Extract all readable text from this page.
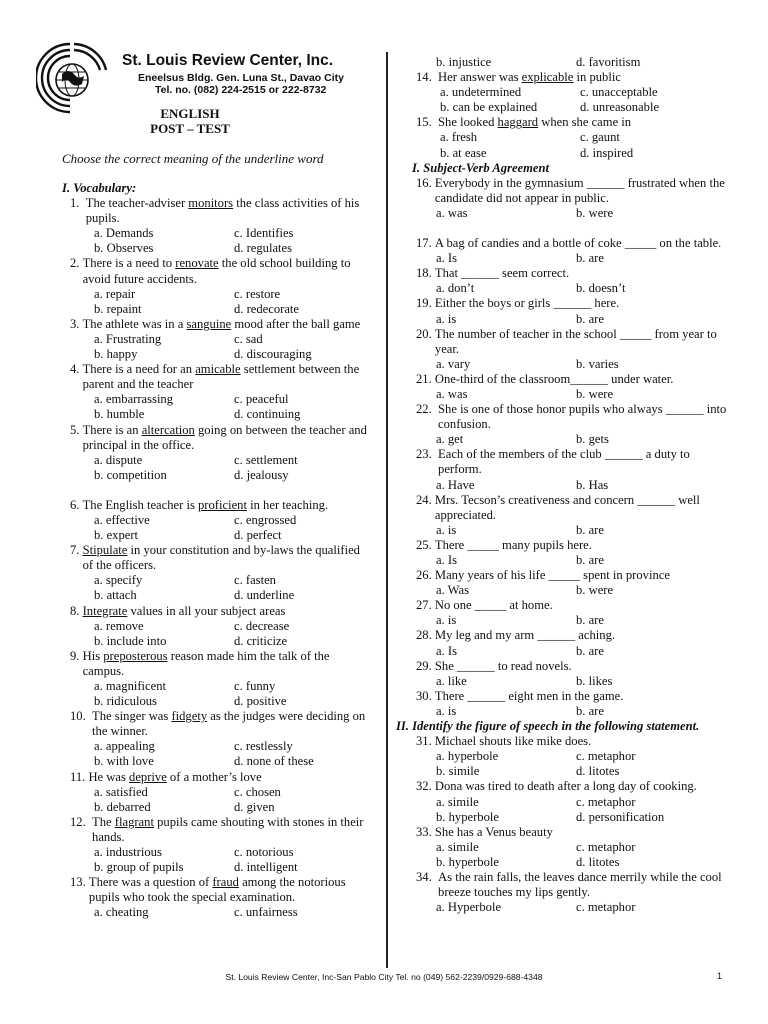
St. Louis Review Center, Inc.
Eneelsus Bldg. Gen. Luna St., Davao City
Tel. no. (082) 224-2515 or 222-8732
ENGLISH
POST – TEST
Choose the correct meaning of the underline word
I. Vocabulary:
1. The teacher-adviser monitors the class activities of his pupils.
a. Demands	c. Identifies
b. Observes	d. regulates
2. There is a need to renovate the old school building to avoid future accidents.
a. repair	c. restore
b. repaint	d. redecorate
3. The athlete was in a sanguine mood after the ball game
a. Frustrating	c. sad
b. happy	d. discouraging
4. There is a need for an amicable settlement between the parent and the teacher
a. embarrassing	c. peaceful
b. humble	d. continuing
5. There is an altercation going on between the teacher and principal in the office.
a. dispute	c. settlement
b. competition	d. jealousy
6. The English teacher is proficient in her teaching.
a. effective	c. engrossed
b. expert	d. perfect
7. Stipulate in your constitution and by-laws the qualified of the officers.
a. specify	c. fasten
b. attach	d. underline
8. Integrate values in all your subject areas
a. remove	c. decrease
b. include into	d. criticize
9. His preposterous reason made him the talk of the campus.
a. magnificent	c. funny
b. ridiculous	d. positive
10. The singer was fidgety as the judges were deciding on the winner.
a. appealing	c. restlessly
b. with love	d. none of these
11. He was deprive of a mother’s love
a. satisfied	c. chosen
b. debarred	d. given
12. The flagrant pupils came shouting with stones in their hands.
a. industrious	c. notorious
b. group of pupils	d. intelligent
13. There was a question of fraud among the notorious pupils who took the special examination.
a. cheating	c. unfairness
b. injustice	d. favoritism
14. Her answer was explicable in public
a. undetermined	c. unacceptable
b. can be explained	d. unreasonable
15. She looked haggard when she came in
a. fresh	c. gaunt
b. at ease	d. inspired
I. Subject-Verb Agreement
16. Everybody in the gymnasium ______ frustrated when the candidate did not appear in public.
a. was	b. were
17. A bag of candies and a bottle of coke _____ on the table.
a. Is	b. are
18. That ______ seem correct.
a. don’t	b. doesn’t
19. Either the boys or girls ______ here.
a. is	b. are
20. The number of teacher in the school _____ from year to year.
a. vary	b. varies
21. One-third of the classroom______ under water.
a. was	b. were
22. She is one of those honor pupils who always ______ into confusion.
a. get	b. gets
23. Each of the members of the club ______ a duty to perform.
a. Have	b. Has
24. Mrs. Tecson’s creativeness and concern ______ well appreciated.
a. is	b. are
25. There _____ many pupils here.
a. Is	b. are
26. Many years of his life _____ spent in province
a. Was	b. were
27. No one _____ at home.
a. is	b. are
28. My leg and my arm ______ aching.
a. Is	b. are
29. She ______ to read novels.
a. like	b. likes
30. There ______ eight men in the game.
a. is	b. are
II. Identify the figure of speech in the following statement.
31. Michael shouts like mike does.
a. hyperbole	c. metaphor
b. simile	d. litotes
32. Dona was tired to death after a long day of cooking.
a. simile	c. metaphor
b. hyperbole	d. personification
33. She has a Venus beauty
a. simile	c. metaphor
b. hyperbole	d. litotes
34. As the rain falls, the leaves dance merrily while the cool breeze touches my lips gently.
a. Hyperbole	c. metaphor
St. Louis Review Center, Inc-San Pablo City Tel. no (049) 562-2239/0929-688-4348	1
